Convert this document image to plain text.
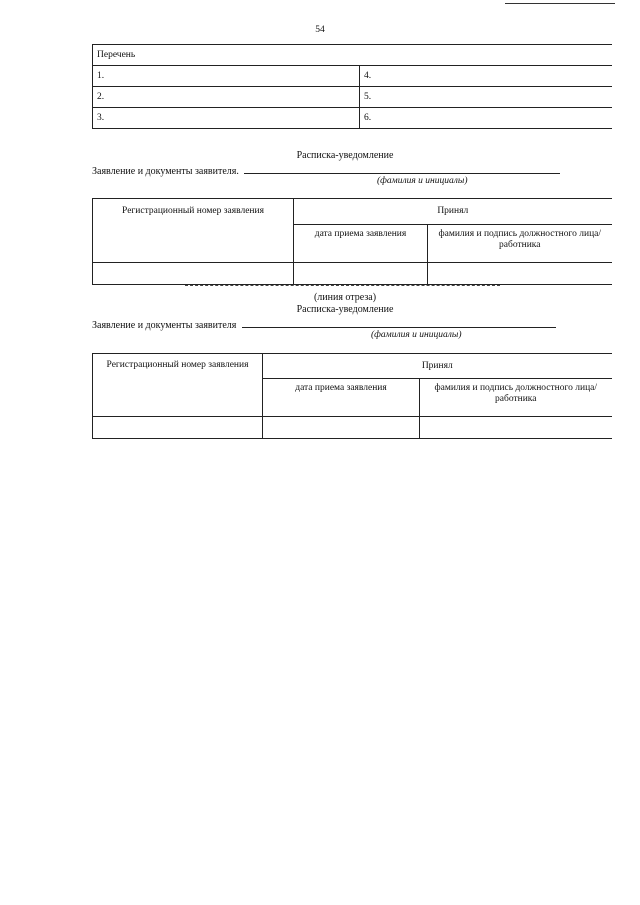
54
Перечень	
1.	4.
2.	5.
3.	6.
Расписка-уведомление
Заявление и документы заявителя.
(фамилия и инициалы)
Регистрационный номер заявления	Принял	
	дата приема заявления	фамилия и подпись должностного лица/работника

(линия отреза)
Расписка-уведомление
Заявление и документы заявителя
(фамилия и инициалы)
Регистрационный номер заявления	Принял	
	дата приема заявления	фамилия и подпись должностного лица/работника
